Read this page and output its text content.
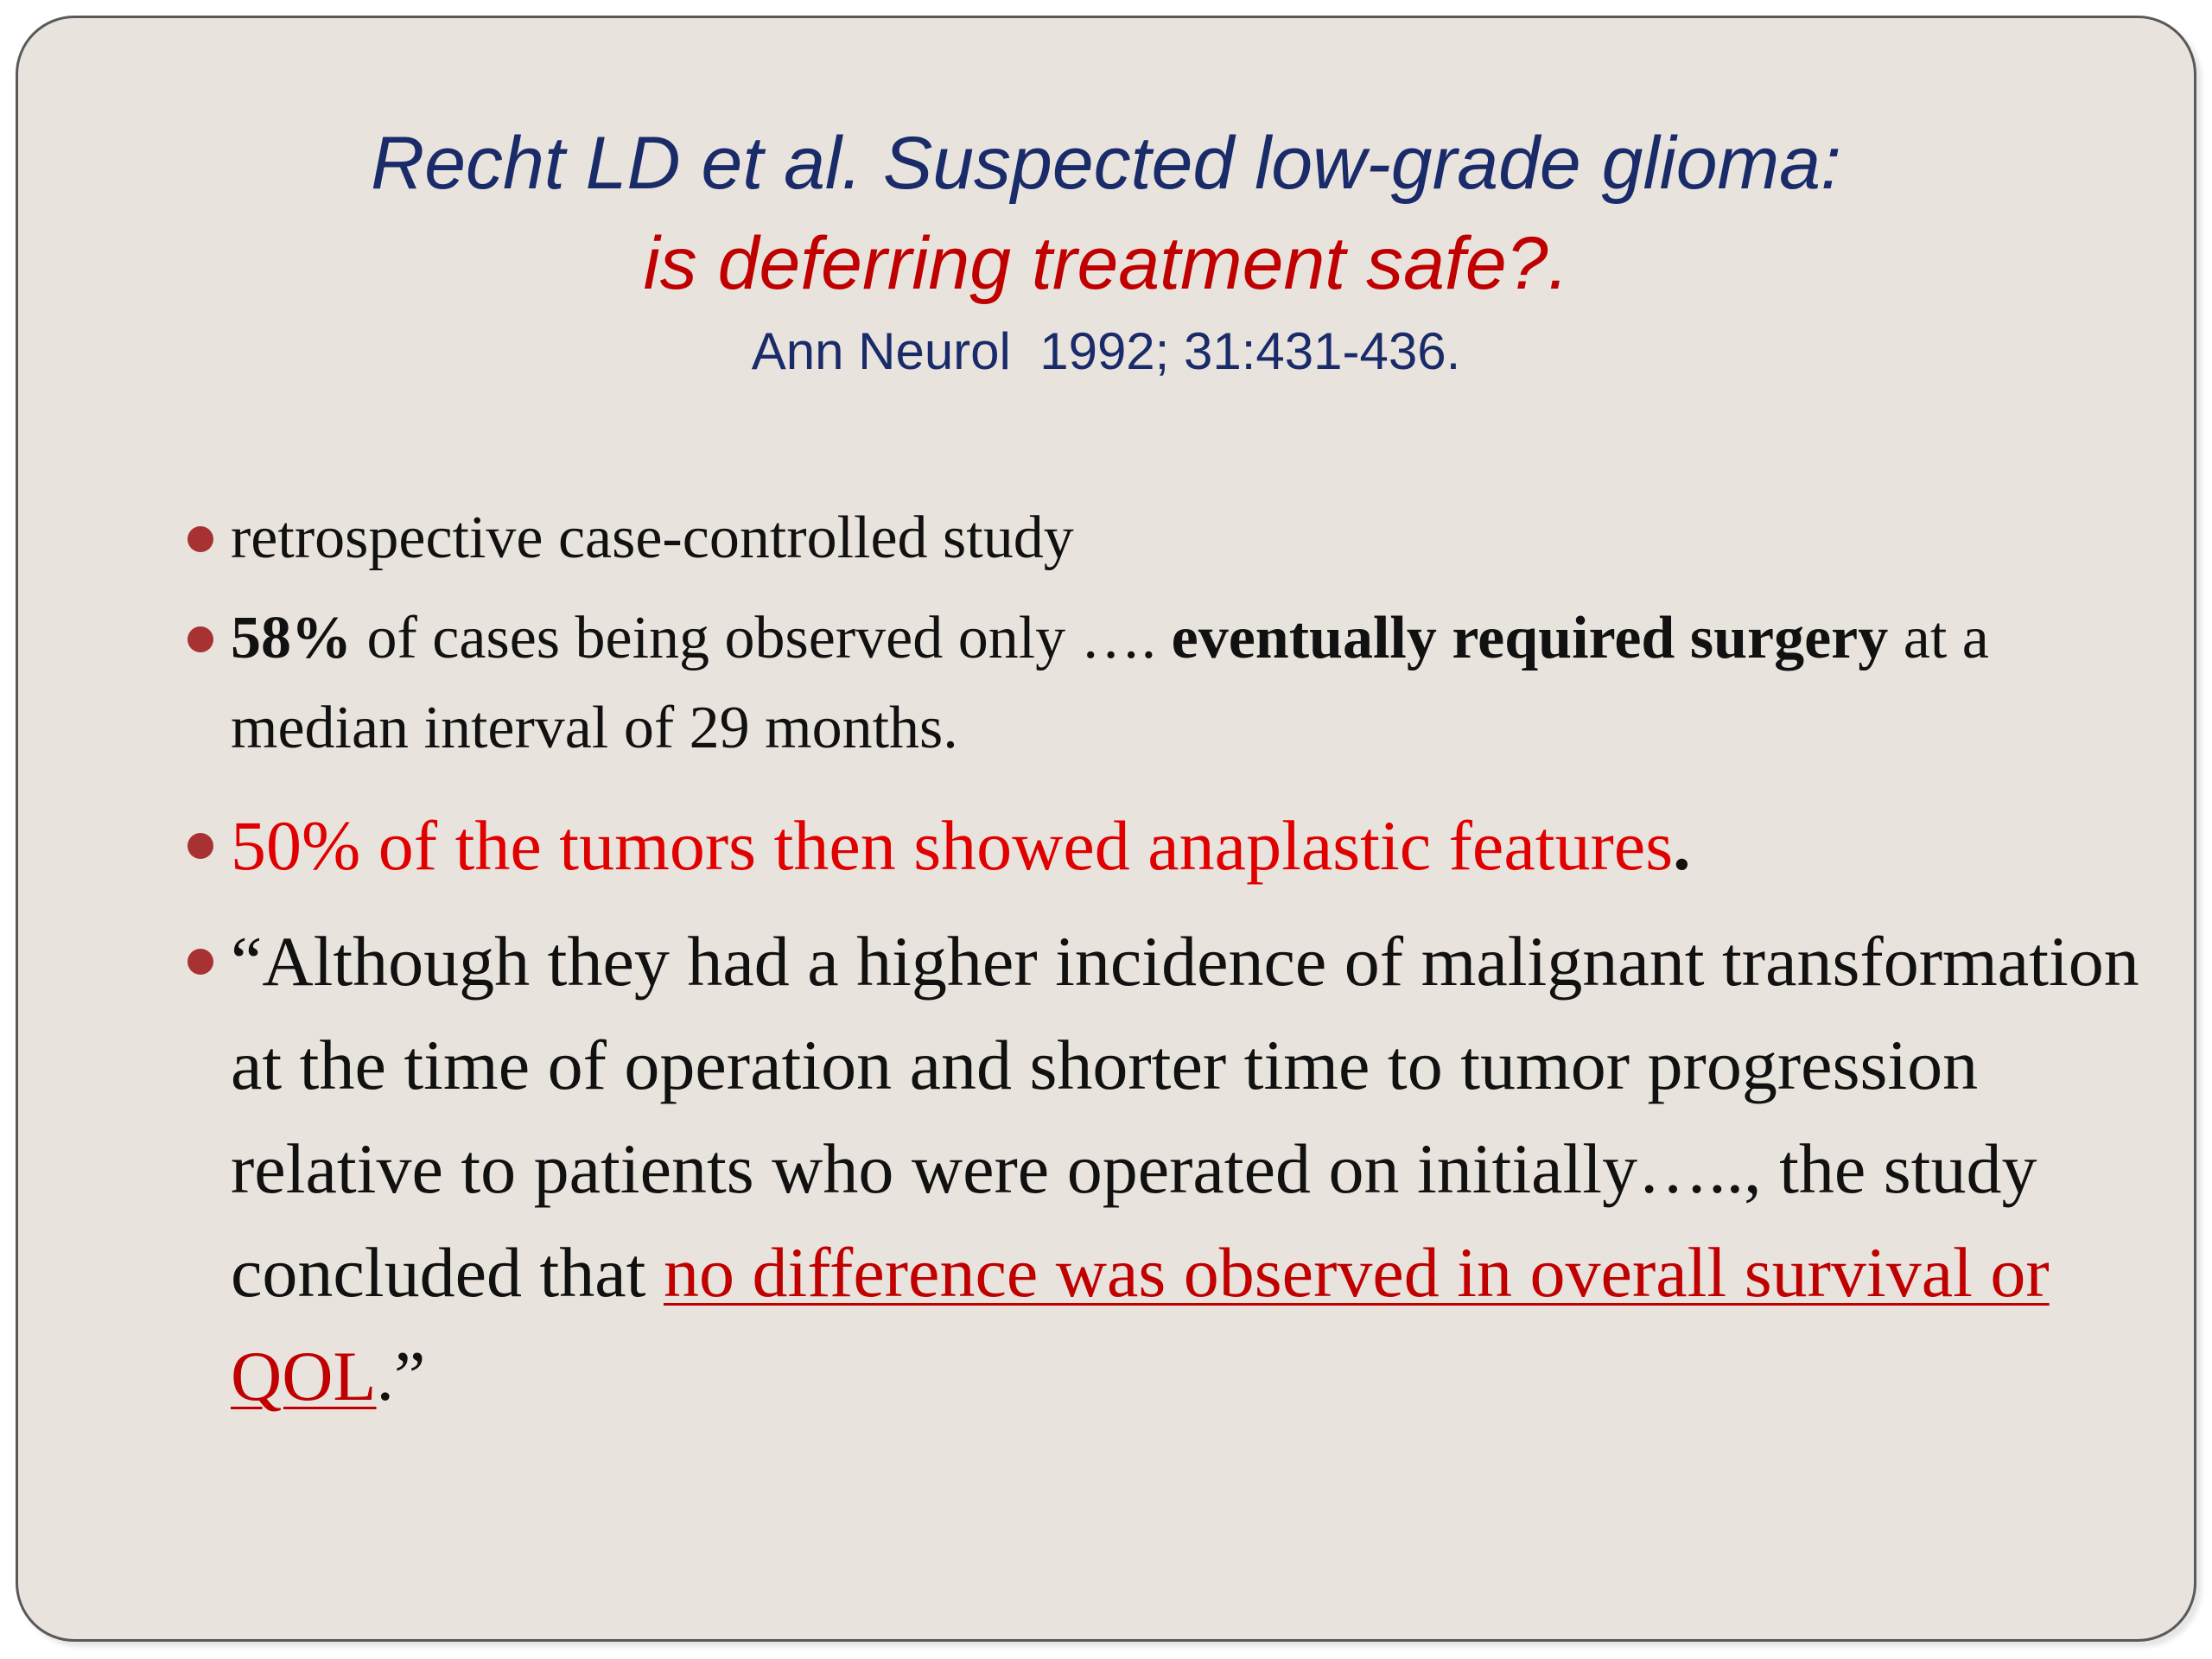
Recht LD et al. Suspected low-grade glioma:
is deferring treatment safe?.
Ann Neurol  1992; 31:431-436.
retrospective case-controlled study
58% of cases being observed only …. eventually required surgery at a median interval of 29 months.
50% of the tumors then showed anaplastic features.
“Although they had a higher incidence of malignant transformation at the time of operation and shorter time to tumor progression relative to patients who were operated on initially….., the study concluded that no difference was observed in overall survival or QOL.”
